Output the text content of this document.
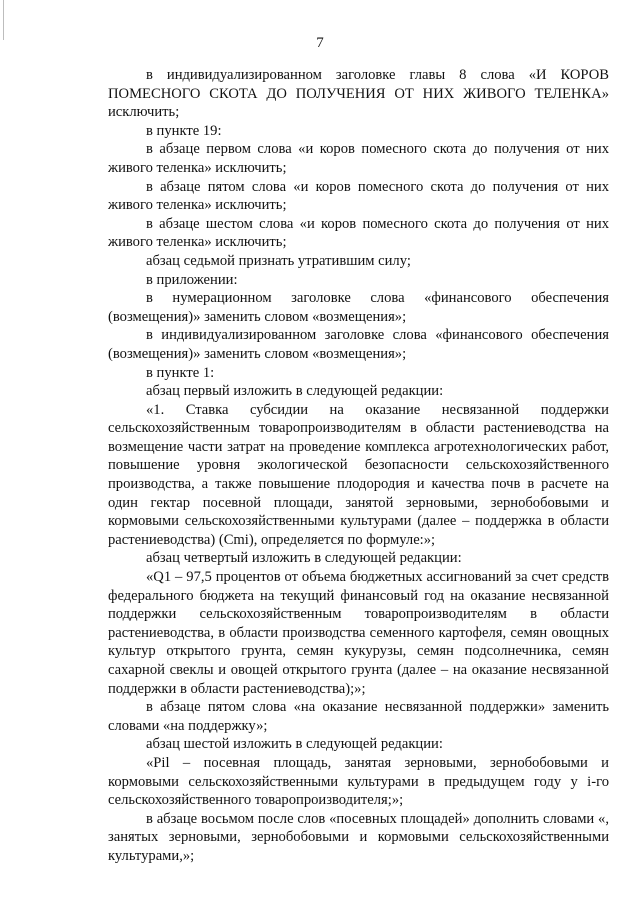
7

в индивидуализированном заголовке главы 8 слова «И КОРОВ ПОМЕСНОГО СКОТА ДО ПОЛУЧЕНИЯ ОТ НИХ ЖИВОГО ТЕЛЕНКА» исключить;

в пункте 19:

в абзаце первом слова «и коров помесного скота до получения от них живого теленка» исключить;

в абзаце пятом слова «и коров помесного скота до получения от них живого теленка» исключить;

в абзаце шестом слова «и коров помесного скота до получения от них живого теленка» исключить;

абзац седьмой признать утратившим силу;

в приложении:

в нумерационном заголовке слова «финансового обеспечения (возмещения)» заменить словом «возмещения»;

в индивидуализированном заголовке слова «финансового обеспечения (возмещения)» заменить словом «возмещения»;

в пункте 1:

абзац первый изложить в следующей редакции:

«1. Ставка субсидии на оказание несвязанной поддержки сельскохозяйственным товаропроизводителям в области растениеводства на возмещение части затрат на проведение комплекса агротехнологических работ, повышение уровня экологической безопасности сельскохозяйственного производства, а также повышение плодородия и качества почв в расчете на один гектар посевной площади, занятой зерновыми, зернобобовыми и кормовыми сельскохозяйственными культурами (далее – поддержка в области растениеводства) (Cmi), определяется по формуле:»;

абзац четвертый изложить в следующей редакции:

«Q1 – 97,5 процентов от объема бюджетных ассигнований за счет средств федерального бюджета на текущий финансовый год на оказание несвязанной поддержки сельскохозяйственным товаропроизводителям в области растениеводства, в области производства семенного картофеля, семян овощных культур открытого грунта, семян кукурузы, семян подсолнечника, семян сахарной свеклы и овощей открытого грунта (далее – на оказание несвязанной поддержки в области растениеводства);»;

в абзаце пятом слова «на оказание несвязанной поддержки» заменить словами «на поддержку»;

абзац шестой изложить в следующей редакции:

«Pil – посевная площадь, занятая зерновыми, зернобобовыми и кормовыми сельскохозяйственными культурами в предыдущем году у i-го сельскохозяйственного товаропроизводителя;»;

в абзаце восьмом после слов «посевных площадей» дополнить словами «, занятых зерновыми, зернобобовыми и кормовыми сельскохозяйственными культурами,»;
